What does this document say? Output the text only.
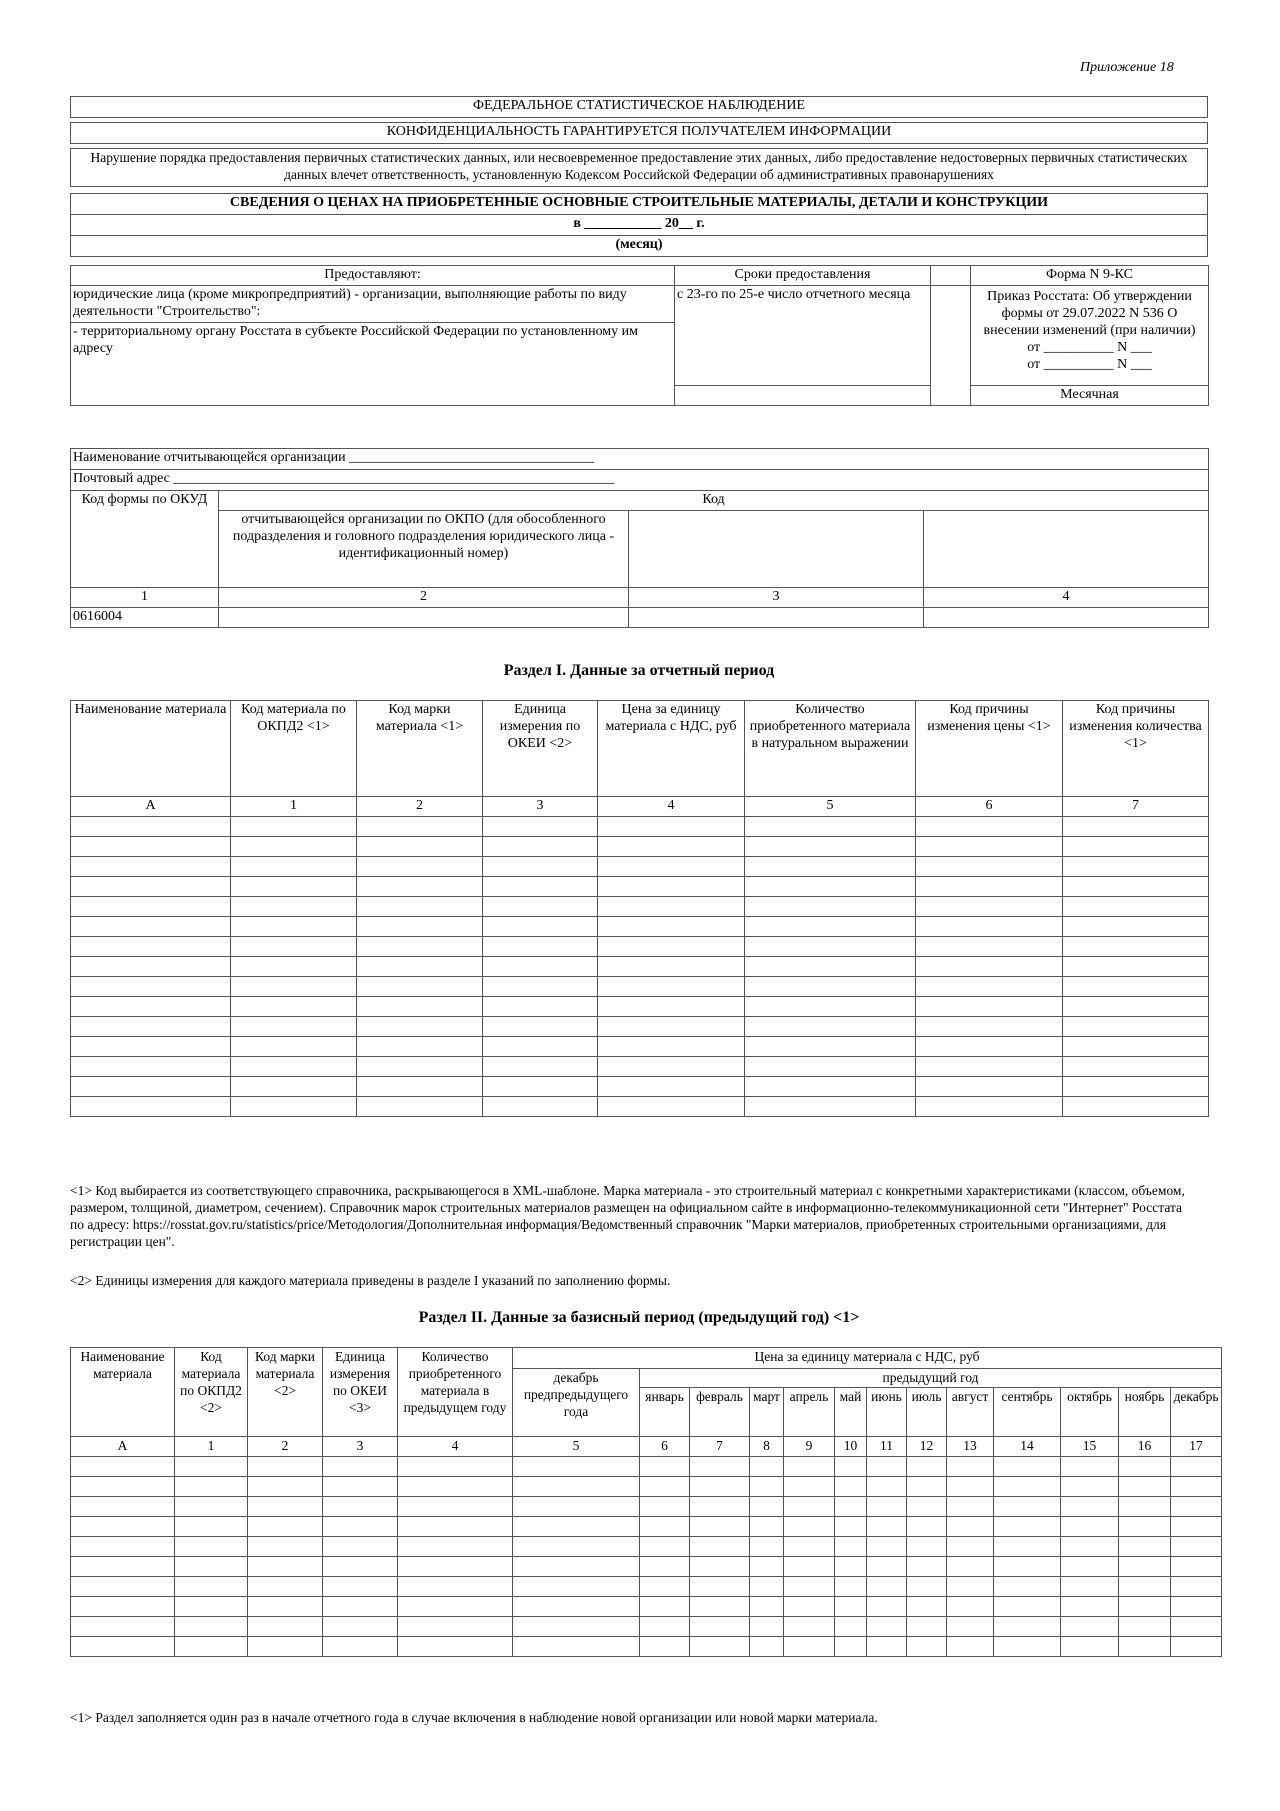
Приложение 18
ФЕДЕРАЛЬНОЕ СТАТИСТИЧЕСКОЕ НАБЛЮДЕНИЕ
КОНФИДЕНЦИАЛЬНОСТЬ ГАРАНТИРУЕТСЯ ПОЛУЧАТЕЛЕМ ИНФОРМАЦИИ
Нарушение порядка предоставления первичных статистических данных, или несвоевременное предоставление этих данных, либо предоставление недостоверных первичных статистических данных влечет ответственность, установленную Кодексом Российской Федерации об административных правонарушениях
СВЕДЕНИЯ О ЦЕНАХ НА ПРИОБРЕТЕННЫЕ ОСНОВНЫЕ СТРОИТЕЛЬНЫЕ МАТЕРИАЛЫ, ДЕТАЛИ И КОНСТРУКЦИИ
в ___________ 20__ г.
(месяц)
Предоставляют:	Сроки предоставления		Форма N 9-КС
юридические лица (кроме микропредприятий) - организации, выполняющие работы по виду деятельности "Строительство":	с 23-го по 25-е число отчетного месяца		Приказ Росстата: Об утверждении формы от 29.07.2022 N 536 О внесении изменений (при наличии)
от __________ N ___
от __________ N ___

- территориальному органу Росстата в субъекте Российской Федерации по установленному им адресу			
			Месячная
Наименование отчитывающейся организации ___________________________________			
Почтовый адрес _______________________________________________________________			
Код формы по ОКУД	Код		
	отчитывающейся организации по ОКПО (для обособленного подразделения и головного подразделения юридического лица - идентификационный номер)		
1	2	3	4
0616004			
Раздел I. Данные за отчетный период
Наименование материала	Код материала по ОКПД2 <1>	Код марки материала <1>	Единица измерения по ОКЕИ <2>	Цена за единицу материала с НДС, руб	Количество приобретенного материала в натуральном выражении	Код причины изменения цены <1>	Код причины изменения количества <1>
А	1	2	3	4	5	6	7

<1> Код выбирается из соответствующего справочника, раскрывающегося в XML-шаблоне. Марка материала - это строительный материал с конкретными характеристиками (классом, объемом, размером, толщиной, диаметром, сечением). Справочник марок строительных материалов размещен на официальном сайте в информационно-телекоммуникационной сети "Интернет" Росстата по адресу: https://rosstat.gov.ru/statistics/price/Методология/Дополнительная информация/Ведомственный справочник "Марки материалов, приобретенных строительными организациями, для регистрации цен".
<2> Единицы измерения для каждого материала приведены в разделе I указаний по заполнению формы.
Раздел II. Данные за базисный период (предыдущий год) <1>
Наименование материала	Код материала по ОКПД2 <2>	Код марки материала <2>	Единица измерения по ОКЕИ <3>	Количество приобретенного материала в предыдущем году	Цена за единицу материала с НДС, руб												
					декабрь предпредыдущего года	предыдущий год											
						январь	февраль	март	апрель	май	июнь	июль	август	сентябрь	октябрь	ноябрь	декабрь
А	1	2	3	4	5	6	7	8	9	10	11	12	13	14	15	16	17

<1> Раздел заполняется один раз в начале отчетного года в случае включения в наблюдение новой организации или новой марки материала.
